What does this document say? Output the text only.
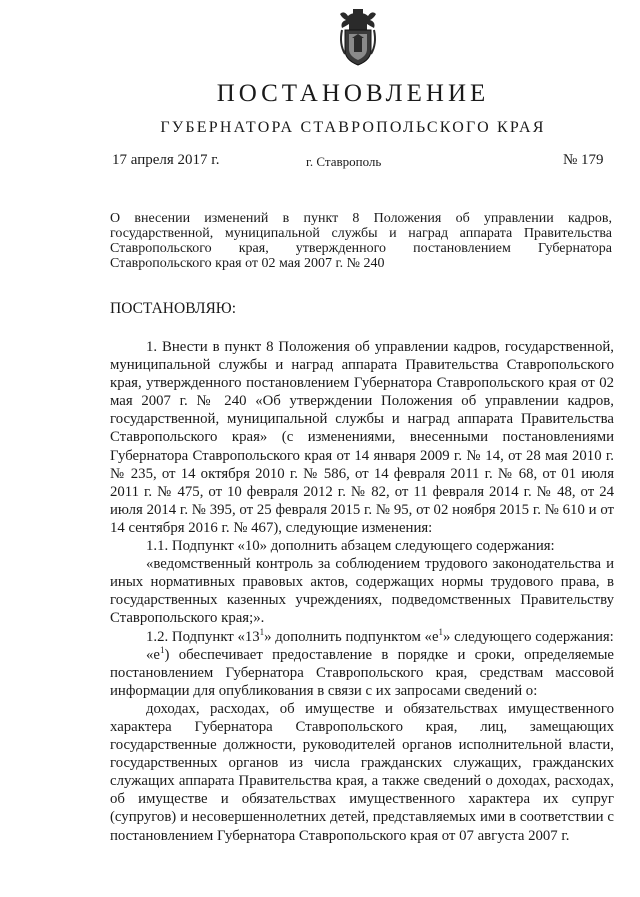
ПОСТАНОВЛЕНИЕ
ГУБЕРНАТОРА СТАВРОПОЛЬСКОГО КРАЯ
17 апреля 2017 г.	г. Ставрополь	№ 179
О внесении изменений в пункт 8 Положения об управлении кадров, государственной, муниципальной службы и наград аппарата Правительства Ставропольского края, утвержденного постановлением Губернатора Ставропольского края от 02 мая 2007 г. № 240
ПОСТАНОВЛЯЮ:

1. Внести в пункт 8 Положения об управлении кадров, государственной, муниципальной службы и наград аппарата Правительства Ставропольского края, утвержденного постановлением Губернатора Ставропольского края от 02 мая 2007 г. № 240 «Об утверждении Положения об управлении кадров, государственной, муниципальной службы и наград аппарата Правительства Ставропольского края» (с изменениями, внесенными постановлениями Губернатора Ставропольского края от 14 января 2009 г. № 14, от 28 мая 2010 г. № 235, от 14 октября 2010 г. № 586, от 14 февраля 2011 г. № 68, от 01 июля 2011 г. № 475, от 10 февраля 2012 г. № 82, от 11 февраля 2014 г. № 48, от 24 июля 2014 г. № 395, от 25 февраля 2015 г. № 95, от 02 ноября 2015 г. № 610 и от 14 сентября 2016 г. № 467), следующие изменения:

1.1. Подпункт «10» дополнить абзацем следующего содержания:

«ведомственный контроль за соблюдением трудового законодательства и иных нормативных правовых актов, содержащих нормы трудового права, в государственных казенных учреждениях, подведомственных Правительству Ставропольского края;».

1.2. Подпункт «$13^1$» дополнить подпунктом «$е^1$» следующего содержания:

«$е^1$) обеспечивает предоставление в порядке и сроки, определяемые постановлением Губернатора Ставропольского края, средствам массовой информации для опубликования в связи с их запросами сведений о:

доходах, расходах, об имуществе и обязательствах имущественного характера Губернатора Ставропольского края, лиц, замещающих государственные должности, руководителей органов исполнительной власти, государственных органов из числа гражданских служащих, гражданских служащих аппарата Правительства края, а также сведений о доходах, расходах, об имуществе и обязательствах имущественного характера их супруг (супругов) и несовершеннолетних детей, представляемых ими в соответствии с постановлением Губернатора Ставропольского края от 07 августа 2007 г.
